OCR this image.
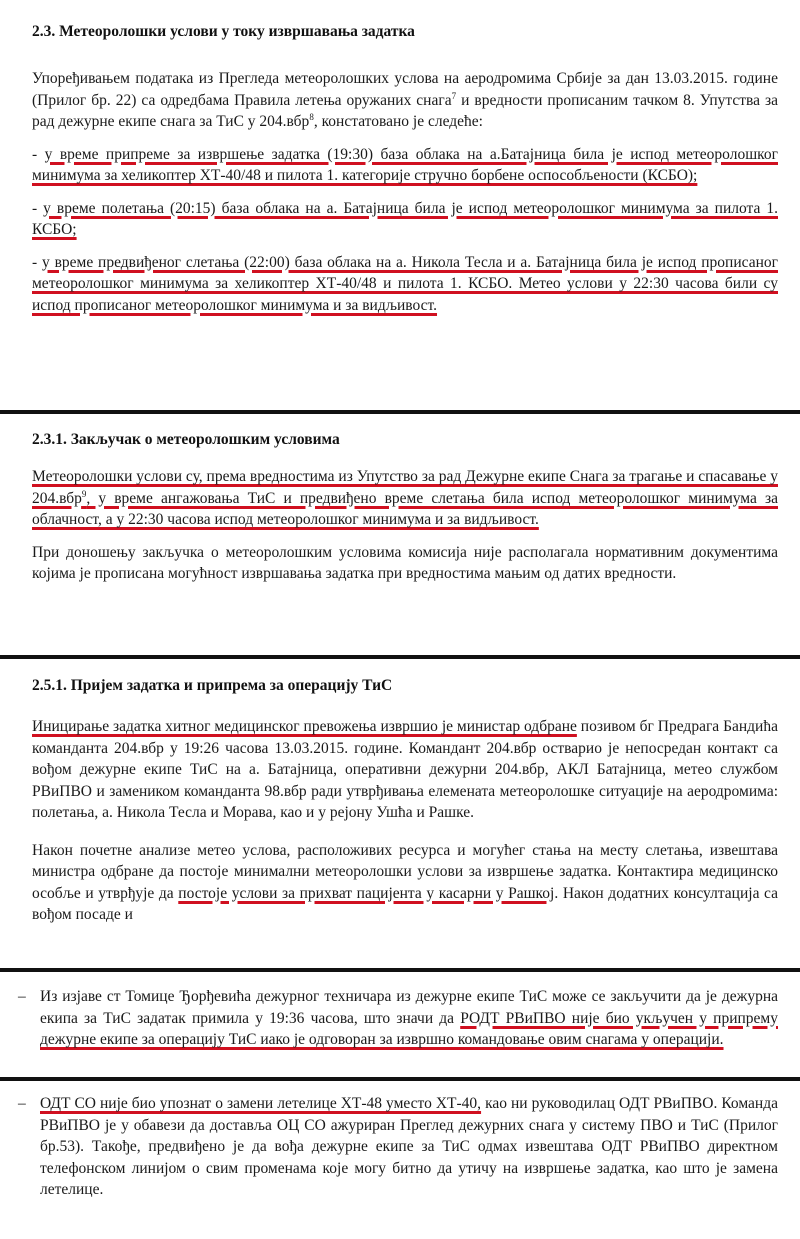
2.3. Метеоролошки услови у току извршавања задатка

Упоређивањем података из Прегледа метеоролошких услова на аеродромима Србије за дан 13.03.2015. године (Прилог бр. 22) са одредбама Правила летења оружаних снага$^7$ и вредности прописаним тачком 8. Упутства за рад дежурне екипе снага за ТиС у 204.вбр$^8$, констатовано је следеће:

- у време припреме за извршење задатка (19:30) база облака на а.Батајница била је испод метеоролошког минимума за хеликоптер ХТ-40/48 и пилота 1. категорије стручно борбене оспособљености (КСБО);

- у време полетања (20:15) база облака на а. Батајница била је испод метеоролошког минимума за пилота 1. КСБО;

- у време предвиђеног слетања (22:00) база облака на а. Никола Тесла и а. Батајница била је испод прописаног метеоролошког минимума за хеликоптер ХТ-40/48 и пилота 1. КСБО. Метео услови у 22:30 часова били су испод прописаног метеоролошког минимума и за видљивост.

2.3.1. Закључак о метеоролошким условима

Метеоролошки услови су, према вредностима из Упутство за рад Дежурне екипе Снага за трагање и спасавање у 204.вбр$^9$, у време ангажовања ТиС и предвиђено време слетања била испод метеоролошког минимума за облачност, а у 22:30 часова испод метеоролошког минимума и за видљивост.

При доношењу закључка о метеоролошким условима комисија није располагала нормативним документима којима је прописана могућност извршавања задатка при вредностима мањим од датих вредности.

2.5.1. Пријем задатка и припрема за операцију ТиС

Иницирање задатка хитног медицинског превожења извршио је министар одбране позивом бг Предрага Бандића команданта 204.вбр у 19:26 часова 13.03.2015. године. Командант 204.вбр остварио је непосредан контакт са вођом дежурне екипе ТиС на а. Батајница, оперативни дежурни 204.вбр, АКЛ Батајница, метео службом РВиПВО и замеником команданта 98.вбр ради утврђивања елемената метеоролошке ситуације на аеродромима: полетања, а. Никола Тесла и Морава, као и у рејону Ушћа и Рашке.

Након почетне анализе метео услова, расположивих ресурса и могућег стања на месту слетања, извештава министра одбране да постоје минимални метеоролошки услови за извршење задатка. Контактира медицинско особље и утврђује да постоје услови за прихват пацијента у касарни у Рашкој. Након додатних консултација са вођом посаде и

– Из изјаве ст Томице Ђорђевића дежурног техничара из дежурне екипе ТиС може се закључити да је дежурна екипа за ТиС задатак примила у 19:36 часова, што значи да РОДТ РВиПВО није био укључен у припрему дежурне екипе за операцију ТиС иако је одговоран за извршно командовање овим снагама у операцији.

– ОДТ СО није био упознат о замени летелице ХТ-48 уместо ХТ-40, као ни руководилац ОДТ РВиПВО. Команда РВиПВО је у обавези да доставља ОЦ СО ажуриран Преглед дежурних снага у систему ПВО и ТиС (Прилог бр.53). Такође, предвиђено је да вођа дежурне екипе за ТиС одмах извештава ОДТ РВиПВО директном телефонском линијом о свим променама које могу битно да утичу на извршење задатка, као што је замена летелице.
